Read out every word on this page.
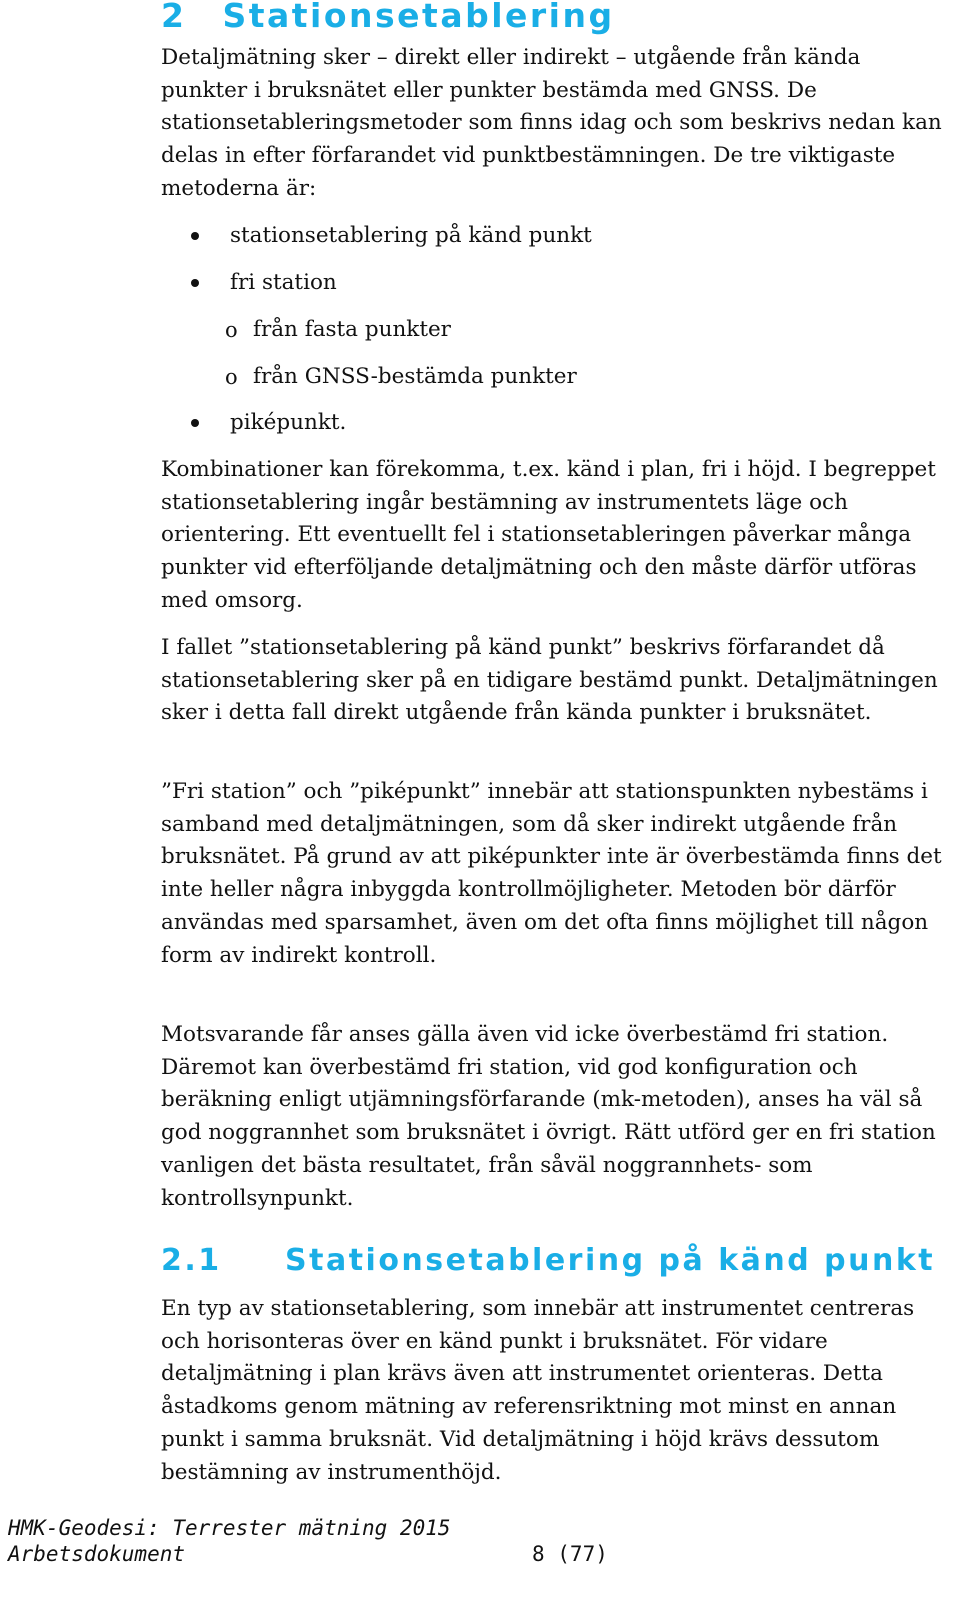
2 Stationsetablering

Detaljmätning sker – direkt eller indirekt – utgående från kända punkter i bruksnätet eller punkter bestämda med GNSS. De stationsetableringsmetoder som finns idag och som beskrivs nedan kan delas in efter förfarandet vid punktbestämningen. De tre viktigaste metoderna är:

stationsetablering på känd punkt
fri station
o från fasta punkter
o från GNSS-bestämda punkter
piképunkt.

Kombinationer kan förekomma, t.ex. känd i plan, fri i höjd. I begreppet stationsetablering ingår bestämning av instrumentets läge och orientering. Ett eventuellt fel i stationsetableringen påverkar många punkter vid efterföljande detaljmätning och den måste därför utföras med omsorg.

I fallet ”stationsetablering på känd punkt” beskrivs förfarandet då stationsetablering sker på en tidigare bestämd punkt. Detaljmätningen sker i detta fall direkt utgående från kända punkter i bruksnätet.

”Fri station” och ”piképunkt” innebär att stationspunkten nybestäms i samband med detaljmätningen, som då sker indirekt utgående från bruksnätet. På grund av att piképunkter inte är överbestämda finns det inte heller några inbyggda kontrollmöjligheter. Metoden bör därför användas med sparsamhet, även om det ofta finns möjlighet till någon form av indirekt kontroll.

Motsvarande får anses gälla även vid icke överbestämd fri station. Däremot kan överbestämd fri station, vid god konfiguration och beräkning enligt utjämningsförfarande (mk-metoden), anses ha väl så god noggrannhet som bruksnätet i övrigt. Rätt utförd ger en fri station vanligen det bästa resultatet, från såväl noggrannhets- som kontrollsynpunkt.

2.1 Stationsetablering på känd punkt

En typ av stationsetablering, som innebär att instrumentet centreras och horisonteras över en känd punkt i bruksnätet. För vidare detaljmätning i plan krävs även att instrumentet orienteras. Detta åstadkoms genom mätning av referensriktning mot minst en annan punkt i samma bruksnät. Vid detaljmätning i höjd krävs dessutom bestämning av instrumenthöjd.

HMK-Geodesi: Terrester mätning 2015
Arbetsdokument	8 (77)
